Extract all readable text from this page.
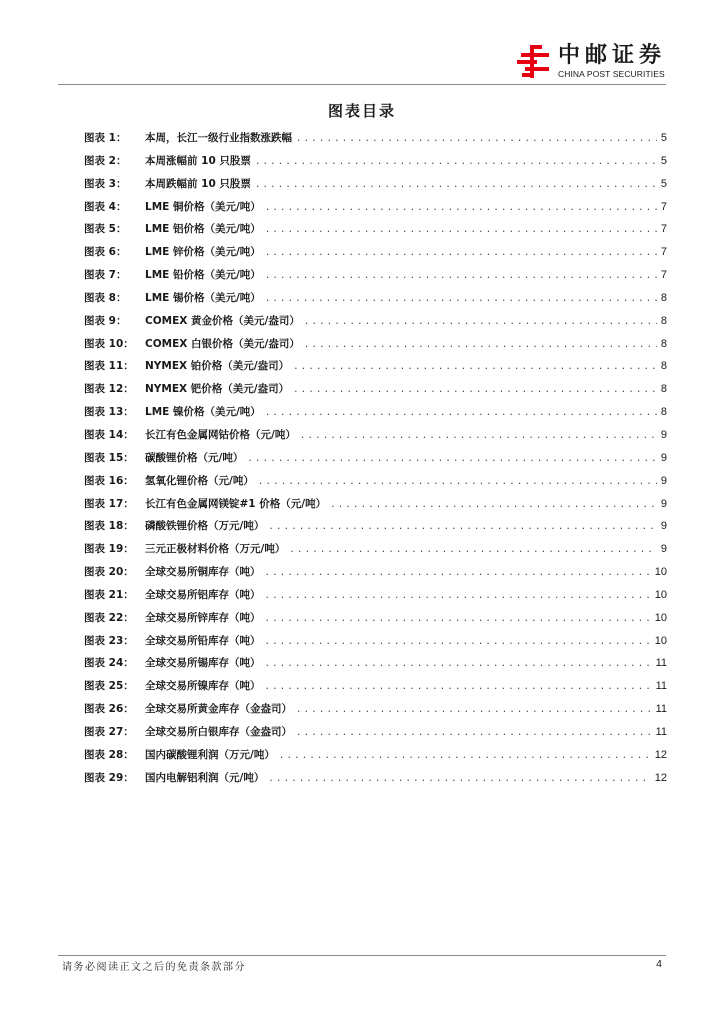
中邮证券
CHINA POST SECURITIES
图表目录
图表 1：	本周，长江一级行业指数涨跌幅 .....	5
图表 2：	本周涨幅前 10 只股票 .....	5
图表 3：	本周跌幅前 10 只股票 .....	5
图表 4：	LME 铜价格（美元/吨） .....	7
图表 5：	LME 铝价格（美元/吨） .....	7
图表 6：	LME 锌价格（美元/吨） .....	7
图表 7：	LME 铅价格（美元/吨） .....	7
图表 8：	LME 锡价格（美元/吨） .....	8
图表 9：	COMEX 黄金价格（美元/盎司） .....	8
图表 10：	COMEX 白银价格（美元/盎司） .....	8
图表 11：	NYMEX 铂价格（美元/盎司） .....	8
图表 12：	NYMEX 钯价格（美元/盎司） .....	8
图表 13：	LME 镍价格（美元/吨） .....	8
图表 14：	长江有色金属网钴价格（元/吨） .....	9
图表 15：	碳酸锂价格（元/吨） .....	9
图表 16：	氢氧化锂价格（元/吨） .....	9
图表 17：	长江有色金属网镁锭#1 价格（元/吨） .....	9
图表 18：	磷酸铁锂价格（万元/吨） .....	9
图表 19：	三元正极材料价格（万元/吨） .....	9
图表 20：	全球交易所铜库存（吨） .....	10
图表 21：	全球交易所铝库存（吨） .....	10
图表 22：	全球交易所锌库存（吨） .....	10
图表 23：	全球交易所铅库存（吨） .....	10
图表 24：	全球交易所锡库存（吨） .....	11
图表 25：	全球交易所镍库存（吨） .....	11
图表 26：	全球交易所黄金库存（金盎司） .....	11
图表 27：	全球交易所白银库存（金盎司） .....	11
图表 28：	国内碳酸锂利润（万元/吨） .....	12
图表 29：	国内电解铝利润（元/吨） .....	12
请务必阅读正文之后的免责条款部分	4
